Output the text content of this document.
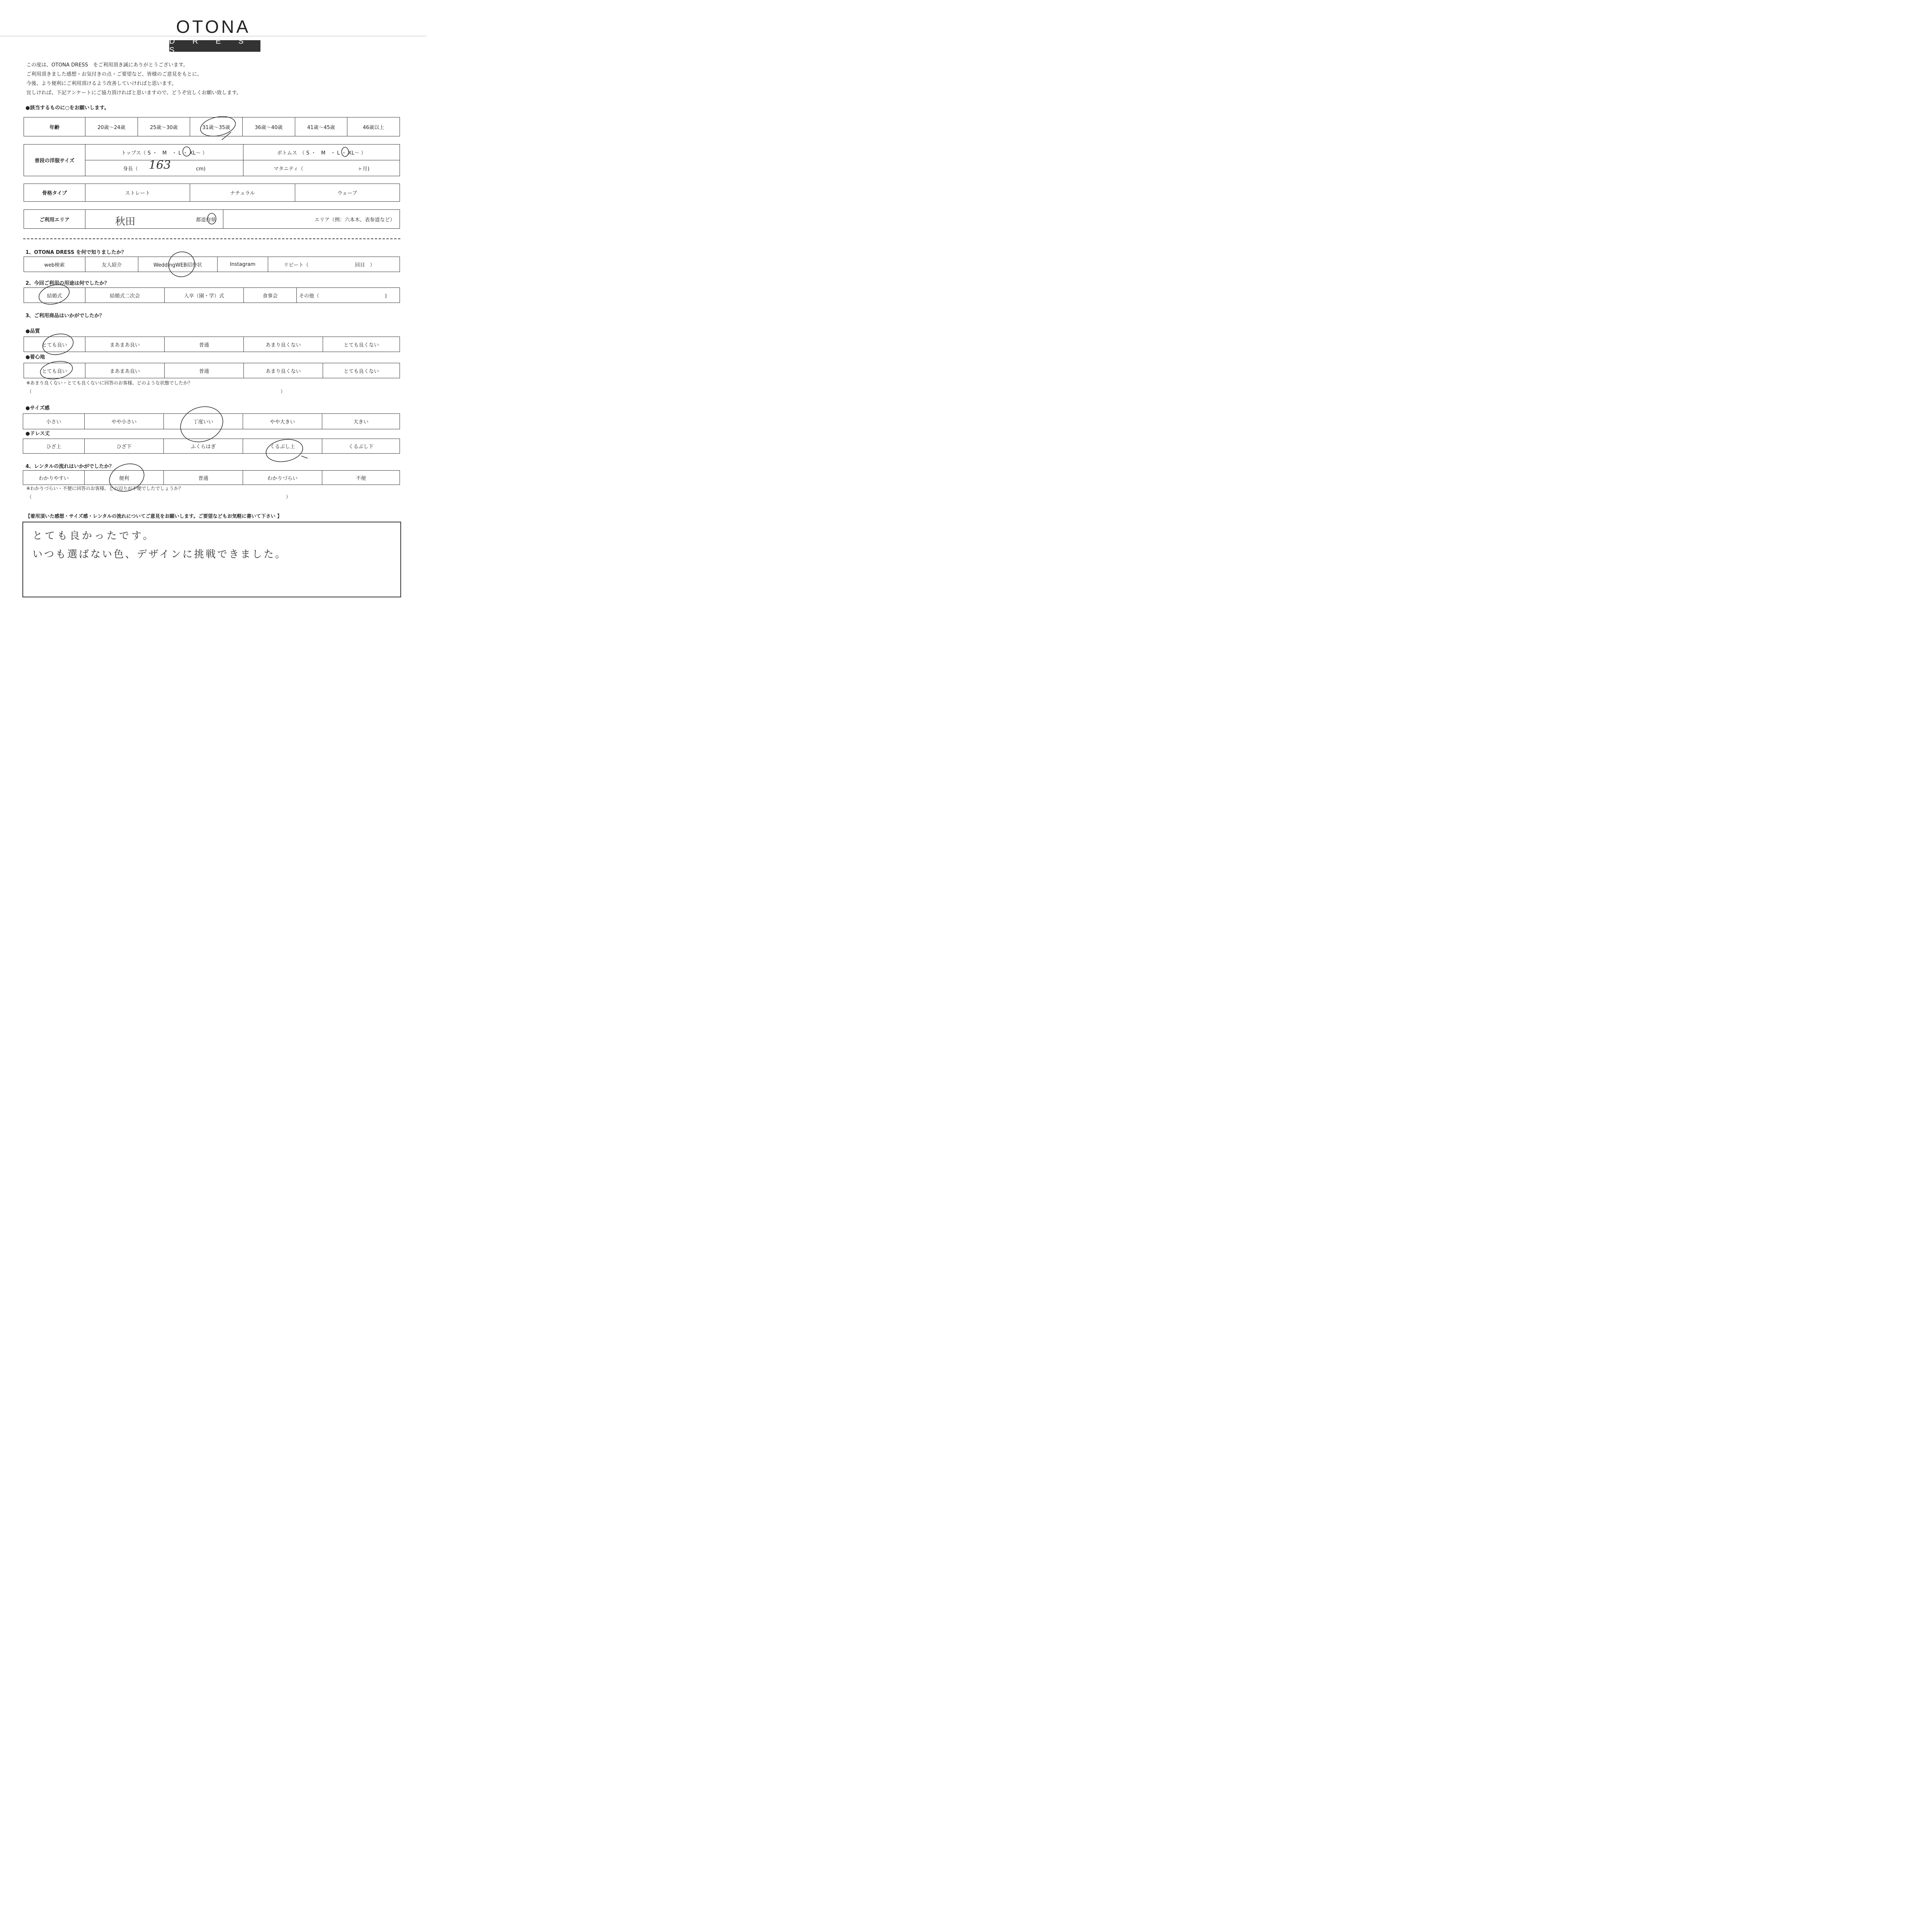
OTONA
D R E S S
この度は、OTONA DRESS　をご利用頂き誠にありがとうございます。
ご利用頂きました感想・お気付きの点・ご要望など、皆様のご意見をもとに、
今後、より便利にご利用頂けるよう改善していければと思います。
宜しければ、下記アンケートにご協力頂ければと思いますので、どうぞ宜しくお願い致します。
●該当するものに○をお願いします。
年齢	20歳～24歳	25歳～30歳	31歳～35歳	36歳～40歳	41歳～45歳	46歳以上
普段の洋服サイズ	トップス（ S ・　M　・ L ・ XL～ ）	ボトムス　（ S ・　M　・ L ・ XL～ ）
	身長（ cm)	マタニティ（ ヶ月)
骨格タイプ	ストレート	ナチュラル	ウェーブ
ご利用エリア	都道府県	エリア（例：六本木、表参道など）
1、OTONA DRESS を何で知りましたか？
web検索	友人紹介	WeddingWEB招待状	Instagram	リピート（	回目　）
2、今回ご利用の用途は何でしたか？
結婚式	結婚式二次会	入卒（園・学）式	食事会	その他（	)
3、ご利用商品はいかがでしたか？
●品質
とても良い	まあまあ良い	普通	あまり良くない	とても良くない
●着心地
とても良い	まあまあ良い	普通	あまり良くない	とても良くない
※あまり良くない・とても良くないに回答のお客様、どのような状態でしたか？
（	）
●サイズ感
小さい	やや小さい	丁度いい	やや大きい	大きい
●ドレス丈
ひざ上	ひざ下	ふくらはぎ	くるぶし上	くるぶし下
4、レンタルの流れはいかがでしたか？
わかりやすい	便利	普通	わかりづらい	不便
※わかりづらい・不便に回答のお客様、どの辺りが不便でしたでしょうか？
（	）
【着用頂いた感想・サイズ感・レンタルの流れについてご意見をお願いします。ご要望などもお気軽に書いて下さい 】
163
秋田
とても良かったです。
いつも選ばない色、デザインに挑戦できました。
